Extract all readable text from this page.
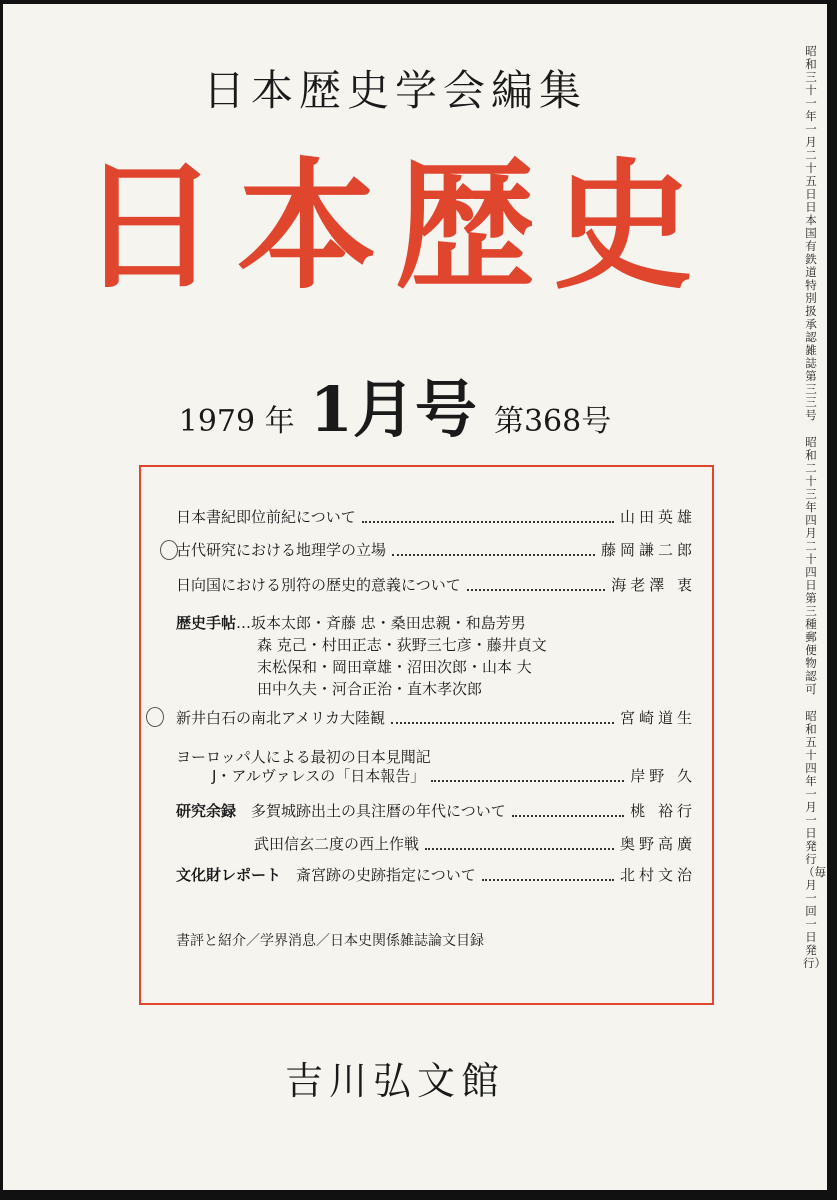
日本歴史学会編集
日本歴史
1979 年 1月号 第368号
日本書紀即位前紀について	山田英雄
古代研究における地理学の立場	藤岡謙二郎
日向国における別符の歴史的意義について	海老澤 衷
歴史手帖…坂本太郎・斉藤 忠・桑田忠親・和島芳男
森 克己・村田正志・荻野三七彦・藤井貞文
末松保和・岡田章雄・沼田次郎・山本 大
田中久夫・河合正治・直木孝次郎
新井白石の南北アメリカ大陸観	宮崎道生
ヨーロッパ人による最初の日本見聞記
J・アルヴァレスの「日本報告」	岸野 久
研究余録　 多賀城跡出土の具注暦の年代について	桃 裕行
武田信玄二度の西上作戦	奥野高廣
文化財レポート　 斎宮跡の史跡指定について	北村文治
書評と紹介／学界消息／日本史関係雑誌論文目録
吉川弘文館
昭和三十一年一月二十五日日本国有鉄道特別扱承認雑誌第三三号
昭和二十三年四月二十四日第三種郵便物認可
昭和五十四年一月一日発行（毎月一回一日発行）
